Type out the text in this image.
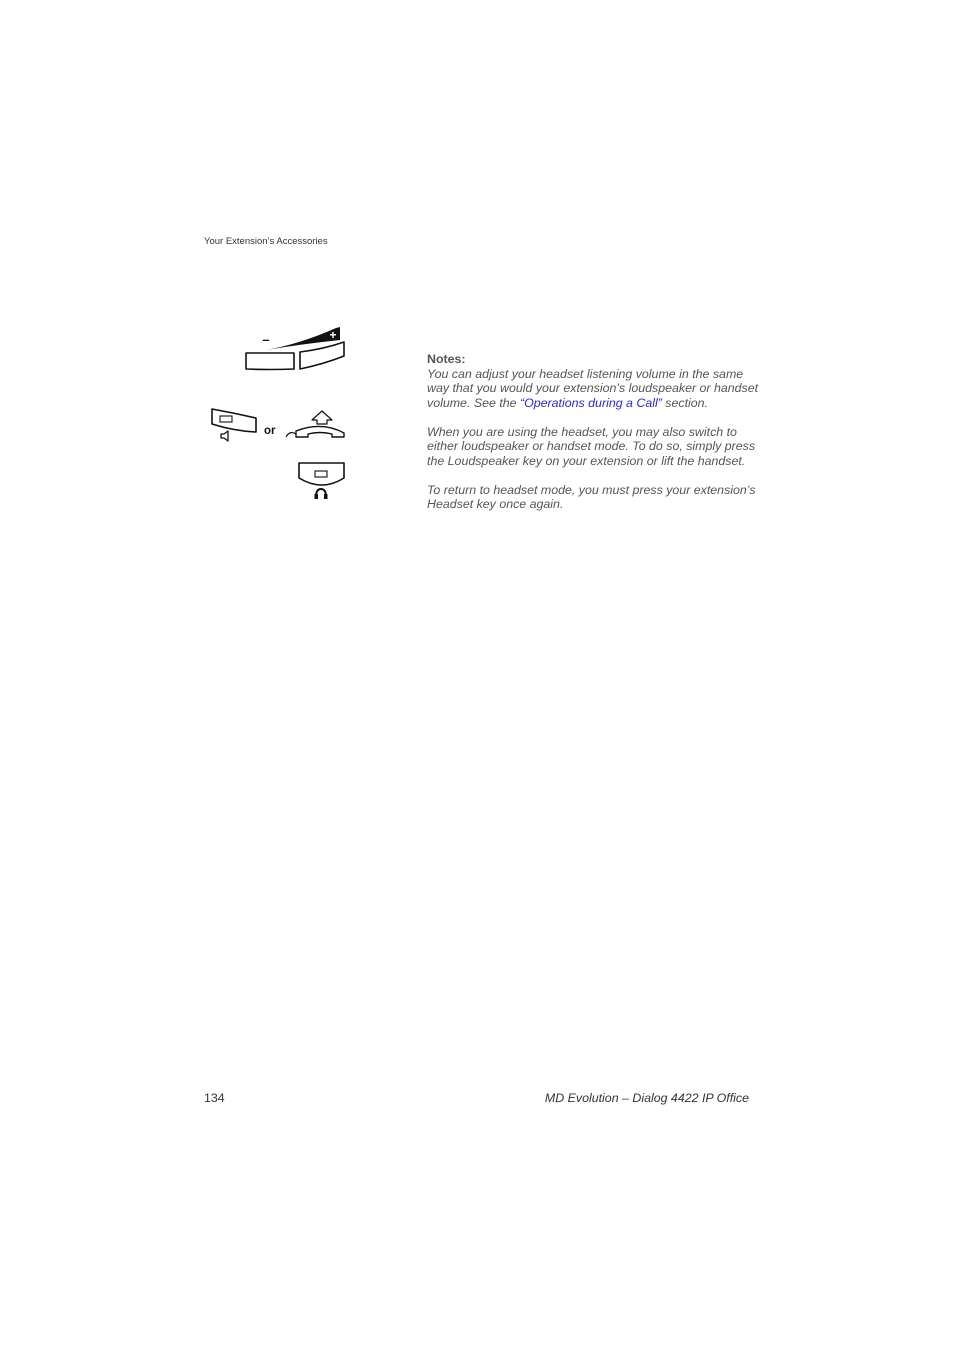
Your Extension’s Accessories
–	+
or
Notes:

You can adjust your headset listening volume in the same
way that you would your extension’s loudspeaker or handset
volume. See the “Operations during a Call” section.

When you are using the headset, you may also switch to
either loudspeaker or handset mode. To do so, simply press
the Loudspeaker key on your extension or lift the handset.

To return to headset mode, you must press your extension’s
Headset key once again.

134	MD Evolution – Dialog 4422 IP Office
